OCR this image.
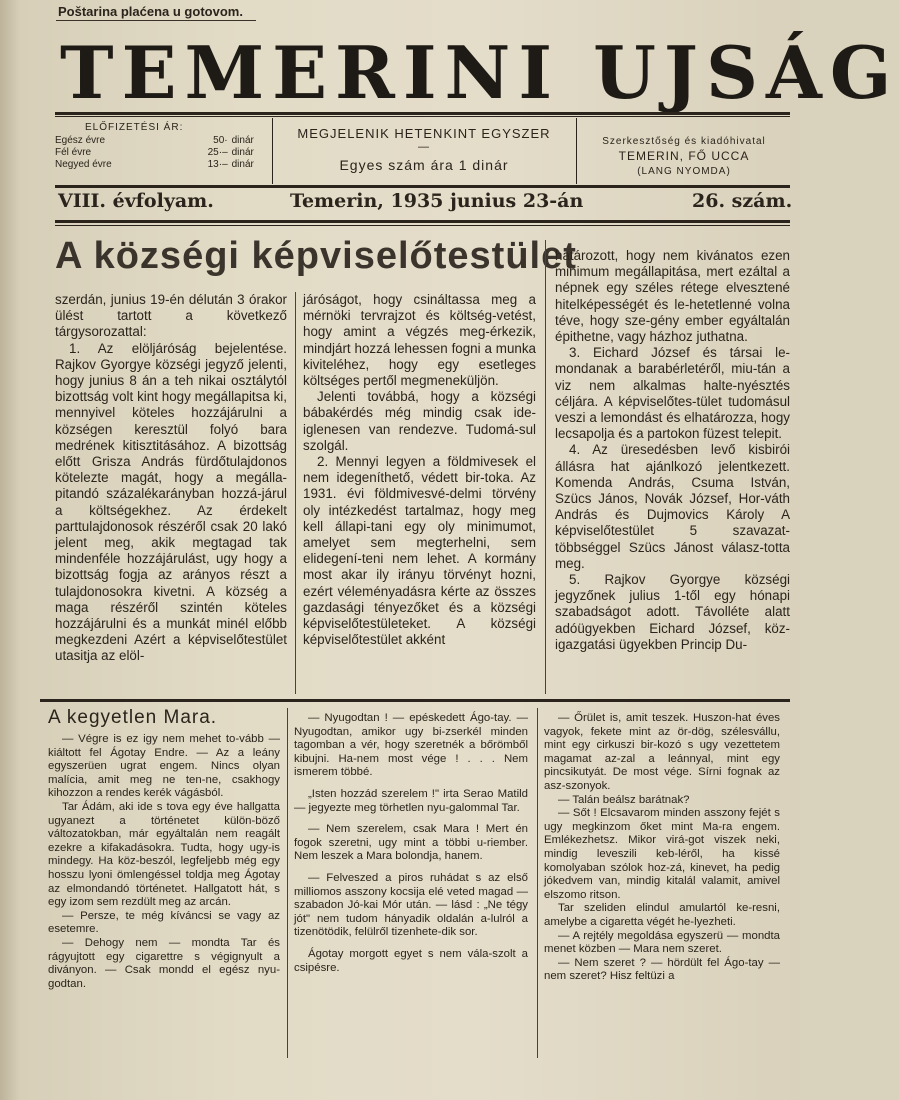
Poštarina plaćena u gotovom.
TEMERINI UJSÁG
ELŐFIZETÉSI ÁR:
Egész évre	50· dinár
Fél évre	25·– dinár
Negyed évre	13·– dinár
MEGJELENIK HETENKINT EGYSZER
—
Egyes szám ára 1 dinár
Szerkesztőség és kiadóhivatal
TEMERIN, FŐ UCCA
(LANG NYOMDA)
VIII. évfolyam.	Temerin, 1935 junius 23-án	26. szám.
A községi képviselőtestület

szerdán, junius 19-én délután 3 órakor ülést tartott a következő tárgysorozattal:

1. Az elöljáróság bejelentése. Rajkov Gyorgye községi jegyző jelenti, hogy junius 8 án a teh nikai osztálytól bizottság volt kint hogy megállapitsa ki, mennyivel köteles hozzájárulni a községen keresztül folyó bara medrének kitisztitásához. A bizottság előtt Grisza András fürdőtulajdonos kötelezte magát, hogy a megálla-pitandó százalékarányban hozzá-járul a költségekhez. Az érdekelt parttulajdonosok részéről csak 20 lakó jelent meg, akik megtagad tak mindenféle hozzájárulást, ugy hogy a bizottság fogja az arányos részt a tulajdonosokra kivetni. A község a maga részéről szintén köteles hozzájárulni és a munkát minél előbb megkezdeni Azért a képviselőtestület utasitja az elöl-

járóságot, hogy csináltassa meg a mérnöki tervrajzot és költség-vetést, hogy amint a végzés meg-érkezik, mindjárt hozzá lehessen fogni a munka kiviteléhez, hogy egy esetleges költséges pertől megmeneküljön.

Jelenti továbbá, hogy a községi bábakérdés még mindig csak ide-iglenesen van rendezve. Tudomá-sul szolgál.

2. Mennyi legyen a földmivesek el nem idegeníthető, védett bir-toka. Az 1931. évi földmivesvé-delmi törvény oly intézkedést tartalmaz, hogy meg kell állapi-tani egy oly minimumot, amelyet sem megterhelni, sem elidegení-teni nem lehet. A kormány most akar ily irányu törvényt hozni, ezért véleményadásra kérte az összes gazdasági tényezőket és a községi képviselőtestületeket. A községi képviselőtestület akként

határozott, hogy nem kivánatos ezen minimum megállapitása, mert ezáltal a népnek egy széles rétege elvesztené hitelképességét és le-hetetlenné volna téve, hogy sze-gény ember egyáltalán épithetne, vagy házhoz juthatna.

3. Eichard József és társai le-mondanak a barabérletéről, miu-tán a viz nem alkalmas halte-nyésztés céljára. A képviselőtes-tület tudomásul veszi a lemondást és elhatározza, hogy lecsapolja és a partokon füzest telepit.

4. Az üresedésben levő kisbirói állásra hat ajánlkozó jelentkezett. Komenda András, Csuma István, Szücs János, Novák József, Hor-váth András és Dujmovics Károly A képviselőtestület 5 szavazat-többséggel Szücs Jánost válasz-totta meg.

5. Rajkov Gyorgye községi jegyzőnek julius 1-től egy hónapi szabadságot adott. Távolléte alatt adóügyekben Eichard József, köz-igazgatási ügyekben Princip Du-

A kegyetlen Mara.

— Végre is ez igy nem mehet to-vább — kiáltott fel Ágotay Endre. — Az a leány egyszerüen ugrat engem. Nincs olyan malícia, amit meg ne ten-ne, csakhogy kihozzon a rendes kerék vágásból.

Tar Ádám, aki ide s tova egy éve hallgatta ugyanezt a történetet külön-böző változatokban, már egyáltalán nem reagált ezekre a kifakadásokra. Tudta, hogy ugy-is mindegy. Ha köz-beszól, legfeljebb még egy hosszu lyoni ömlengéssel toldja meg Ágotay az elmondandó történetet. Hallgatott hát, s egy izom sem rezdült meg az arcán.

— Persze, te még kíváncsi se vagy az esetemre.

— Dehogy nem — mondta Tar és rágyujtott egy cigarettre s végignyult a diványon. — Csak mondd el egész nyu-godtan.

— Nyugodtan ! — epéskedett Ágo-tay. — Nyugodtan, amikor ugy bi-zserkél minden tagomban a vér, hogy szeretnék a bőrömből kibujni. Ha-nem most vége ! . . . Nem ismerem többé.

„Isten hozzád szerelem !" irta Serao Matild — jegyezte meg törhetlen nyu-galommal Tar.

— Nem szerelem, csak Mara ! Mert én fogok szeretni, ugy mint a többi u-riember. Nem leszek a Mara bolondja, hanem.

— Felveszed a piros ruhádat s az első milliomos asszony kocsija elé veted magad — szabadon Jó-kai Mór után. — lásd : „Ne tégy jót" nem tudom hányadik oldalán a-lulról a tizenötödik, felülről tizenhete-dik sor.

Ágotay morgott egyet s nem vála-szolt a csipésre.

— Őrület is, amit teszek. Huszon-hat éves vagyok, fekete mint az ör-dög, szélesvállu, mint egy cirkuszi bir-kozó s ugy vezettetem magamat az-zal a leánnyal, mint egy pincsikutyát. De most vége. Sírni fognak az asz-szonyok.

— Talán beálsz barátnak?

— Sőt ! Elcsavarom minden asszony fejét s ugy megkinzom őket mint Ma-ra engem. Emlékezhetsz. Mikor virá-got viszek neki, mindig leveszili keb-léről, ha kissé komolyaban szólok hoz-zá, kinevet, ha pedig jókedvem van, mindig kitalál valamit, amivel elszomo ritson.

Tar szeliden elindul amulartól ke-resni, amelybe a cigaretta végét he-lyezheti.

— A rejtély megoldása egyszerü — mondta menet közben — Mara nem szeret.

— Nem szeret ? — hördült fel Ágo-tay — nem szeret? Hisz feltüzi a
